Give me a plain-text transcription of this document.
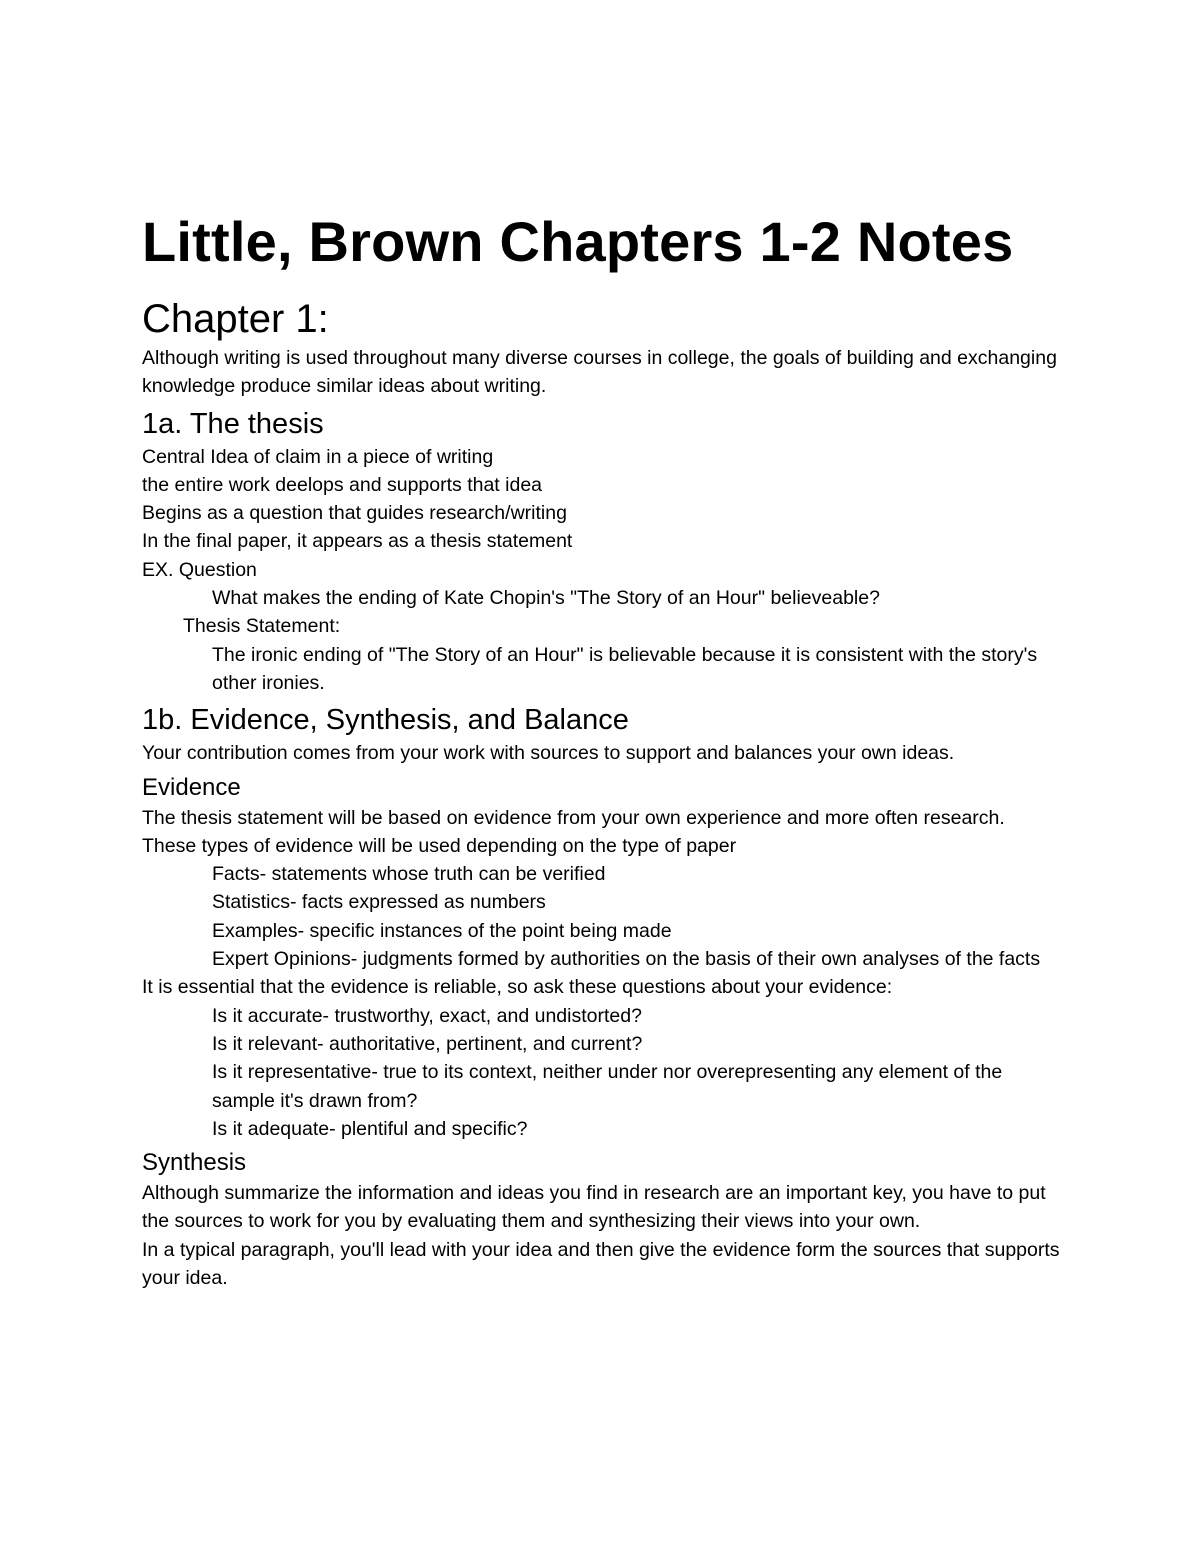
Little, Brown Chapters 1-2 Notes
Chapter 1:

Although writing is used throughout many diverse courses in college, the goals of building and exchanging knowledge produce similar ideas about writing.

1a. The thesis

Central Idea of claim in a piece of writing

the entire work deelops and supports that idea

Begins as a question that guides research/writing

In the final paper, it appears as a thesis statement

EX. Question

What makes the ending of Kate Chopin's "The Story of an Hour" believeable?

Thesis Statement:

The ironic ending of "The Story of an Hour" is believable because it is consistent with the story's other ironies.

1b. Evidence, Synthesis, and Balance

Your contribution comes from your work with sources to support and balances your own ideas.

Evidence

The thesis statement will be based on evidence from your own experience and more often research.

These types of evidence will be used depending on the type of paper

Facts- statements whose truth can be verified

Statistics- facts expressed as numbers

Examples- specific instances of the point being made

Expert Opinions- judgments formed by authorities on the basis of their own analyses of the facts

It is essential that the evidence is reliable, so ask these questions about your evidence:

Is it accurate- trustworthy, exact, and undistorted?

Is it relevant- authoritative, pertinent, and current?

Is it representative- true to its context, neither under nor overepresenting any element of the sample it's drawn from?

Is it adequate- plentiful and specific?

Synthesis

Although summarize the information and ideas you find in research are an important key, you have to put the sources to work for you by evaluating them and synthesizing their views into your own.

In a typical paragraph, you'll lead with your idea and then give the evidence form the sources that supports your idea.
